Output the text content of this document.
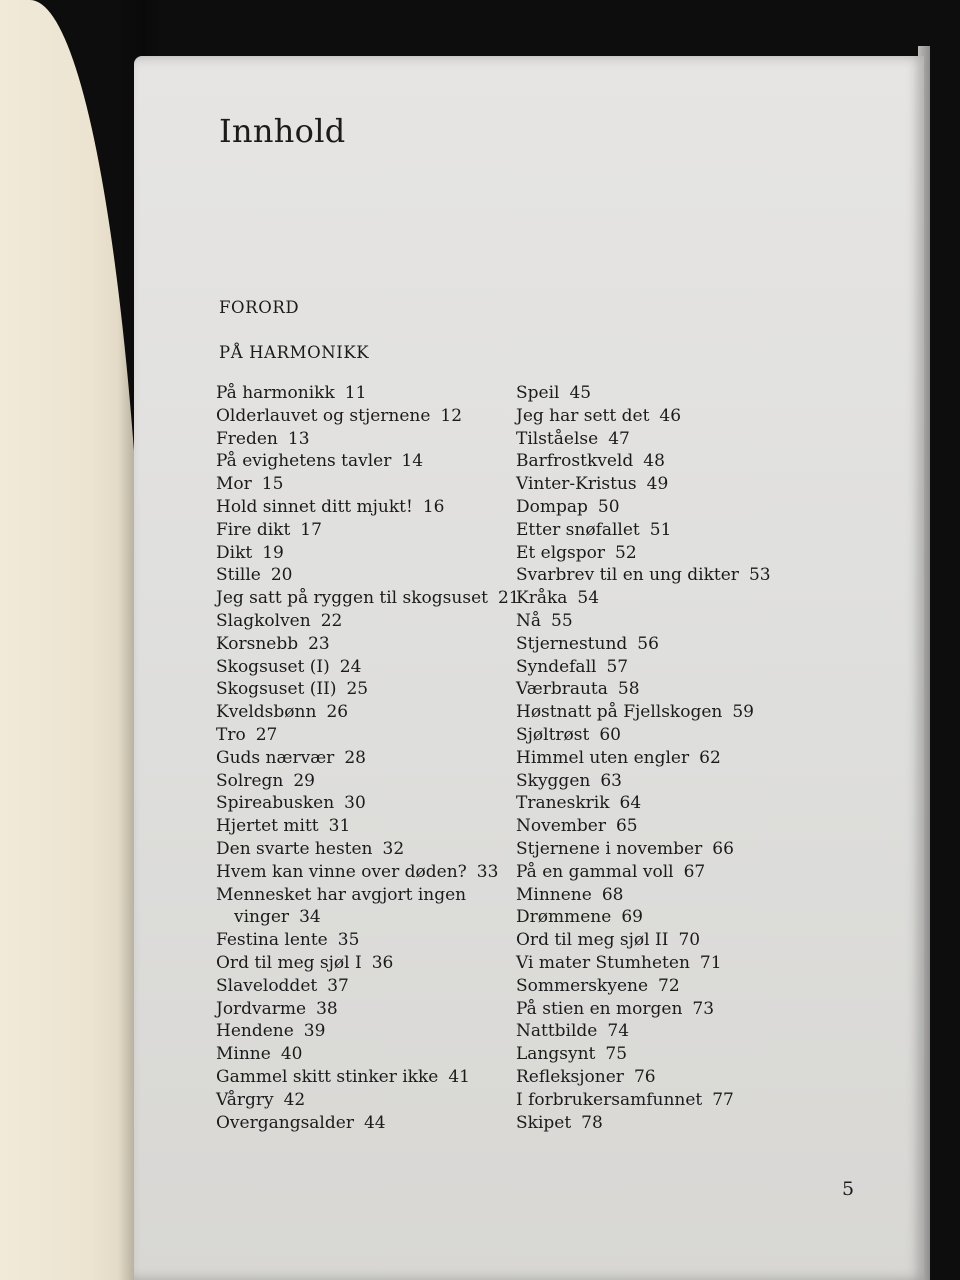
Innhold
FORORD
PÅ HARMONIKK
På harmonikk 11
Olderlauvet og stjernene 12
Freden 13
På evighetens tavler 14
Mor 15
Hold sinnet ditt mjukt! 16
Fire dikt 17
Dikt 19
Stille 20
Jeg satt på ryggen til skogsuset 21
Slagkolven 22
Korsnebb 23
Skogsuset (I) 24
Skogsuset (II) 25
Kveldsbønn 26
Tro 27
Guds nærvær 28
Solregn 29
Spireabusken 30
Hjertet mitt 31
Den svarte hesten 32
Hvem kan vinne over døden? 33
Mennesket har avgjort ingen
vinger 34
Festina lente 35
Ord til meg sjøl I 36
Slaveloddet 37
Jordvarme 38
Hendene 39
Minne 40
Gammel skitt stinker ikke 41
Vårgry 42
Overgangsalder 44
Speil 45
Jeg har sett det 46
Tilståelse 47
Barfrostkveld 48
Vinter-Kristus 49
Dompap 50
Etter snøfallet 51
Et elgspor 52
Svarbrev til en ung dikter 53
Kråka 54
Nå 55
Stjernestund 56
Syndefall 57
Værbrauta 58
Høstnatt på Fjellskogen 59
Sjøltrøst 60
Himmel uten engler 62
Skyggen 63
Traneskrik 64
November 65
Stjernene i november 66
På en gammal voll 67
Minnene 68
Drømmene 69
Ord til meg sjøl II 70
Vi mater Stumheten 71
Sommerskyene 72
På stien en morgen 73
Nattbilde 74
Langsynt 75
Refleksjoner 76
I forbrukersamfunnet 77
Skipet 78
5
